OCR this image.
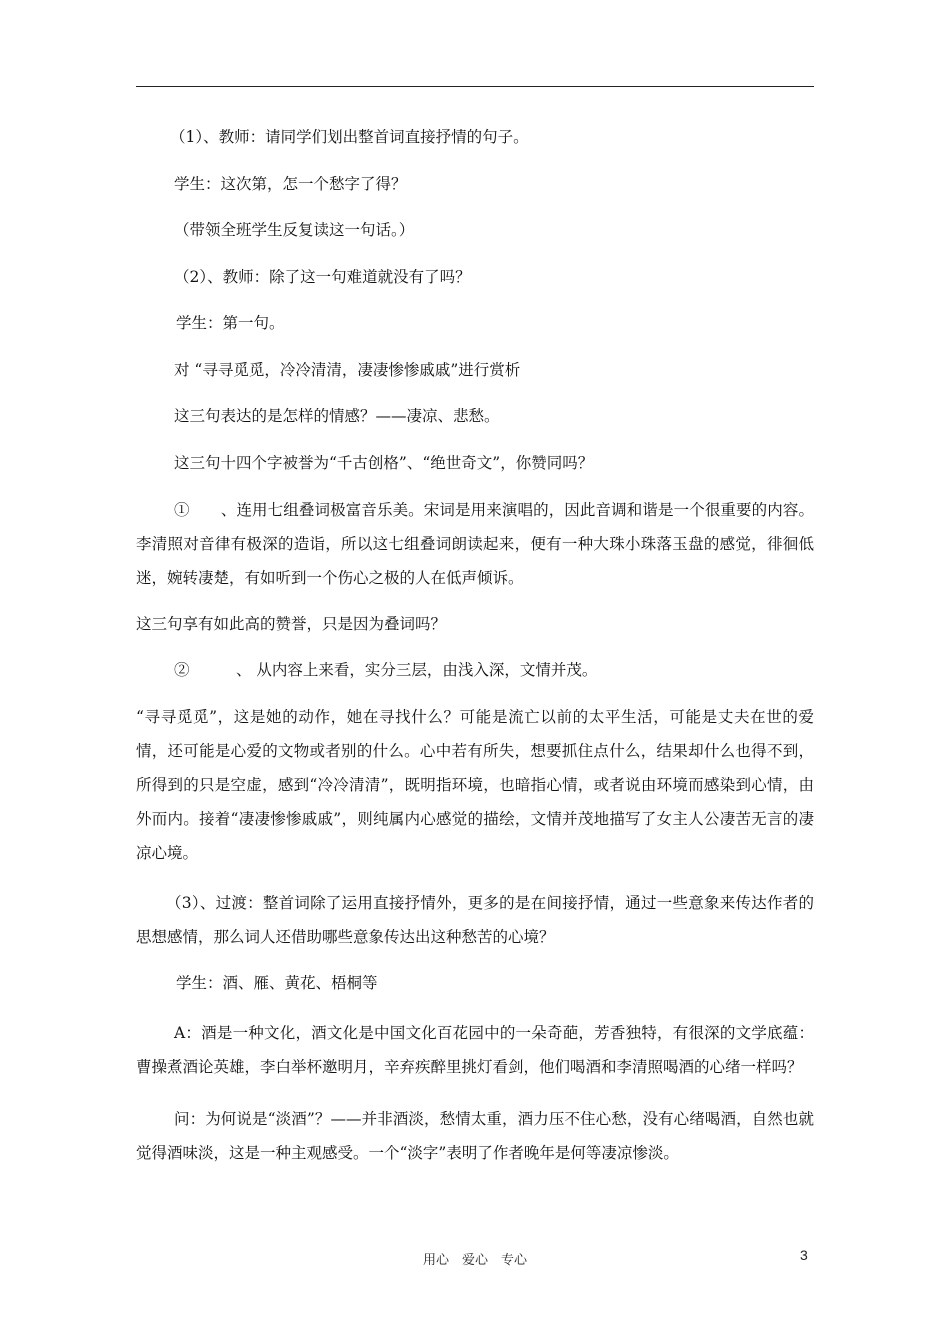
（1）、教师：请同学们划出整首词直接抒情的句子。

学生：这次第，怎一个愁字了得？

（带领全班学生反复读这一句话。）

（2）、教师：除了这一句难道就没有了吗？

学生：第一句。

对 “寻寻觅觅，冷冷清清，凄凄惨惨戚戚”进行赏析

这三句表达的是怎样的情感？——凄凉、悲愁。

这三句十四个字被誉为“千古创格”、“绝世奇文”，你赞同吗？

①　　、连用七组叠词极富音乐美。宋词是用来演唱的，因此音调和谐是一个很重要的内容。李清照对音律有极深的造诣，所以这七组叠词朗读起来，便有一种大珠小珠落玉盘的感觉，徘徊低迷，婉转凄楚，有如听到一个伤心之极的人在低声倾诉。

这三句享有如此高的赞誉，只是因为叠词吗？

②　　　、 从内容上来看，实分三层，由浅入深，文情并茂。

“寻寻觅觅”，这是她的动作，她在寻找什么？可能是流亡以前的太平生活，可能是丈夫在世的爱情，还可能是心爱的文物或者别的什么。心中若有所失，想要抓住点什么，结果却什么也得不到，所得到的只是空虚，感到“冷冷清清”，既明指环境，也暗指心情，或者说由环境而感染到心情，由外而内。接着“凄凄惨惨戚戚”，则纯属内心感觉的描绘，文情并茂地描写了女主人公凄苦无言的凄凉心境。

（3）、过渡：整首词除了运用直接抒情外，更多的是在间接抒情，通过一些意象来传达作者的思想感情，那么词人还借助哪些意象传达出这种愁苦的心境？

学生：酒、雁、黄花、梧桐等

A：酒是一种文化，酒文化是中国文化百花园中的一朵奇葩，芳香独特，有很深的文学底蕴：曹操煮酒论英雄，李白举杯邀明月，辛弃疾醉里挑灯看剑，他们喝酒和李清照喝酒的心绪一样吗？

问：为何说是“淡酒”？——并非酒淡，愁情太重，酒力压不住心愁，没有心绪喝酒，自然也就觉得酒味淡，这是一种主观感受。一个“淡字”表明了作者晚年是何等凄凉惨淡。

用心　爱心　专心	3
